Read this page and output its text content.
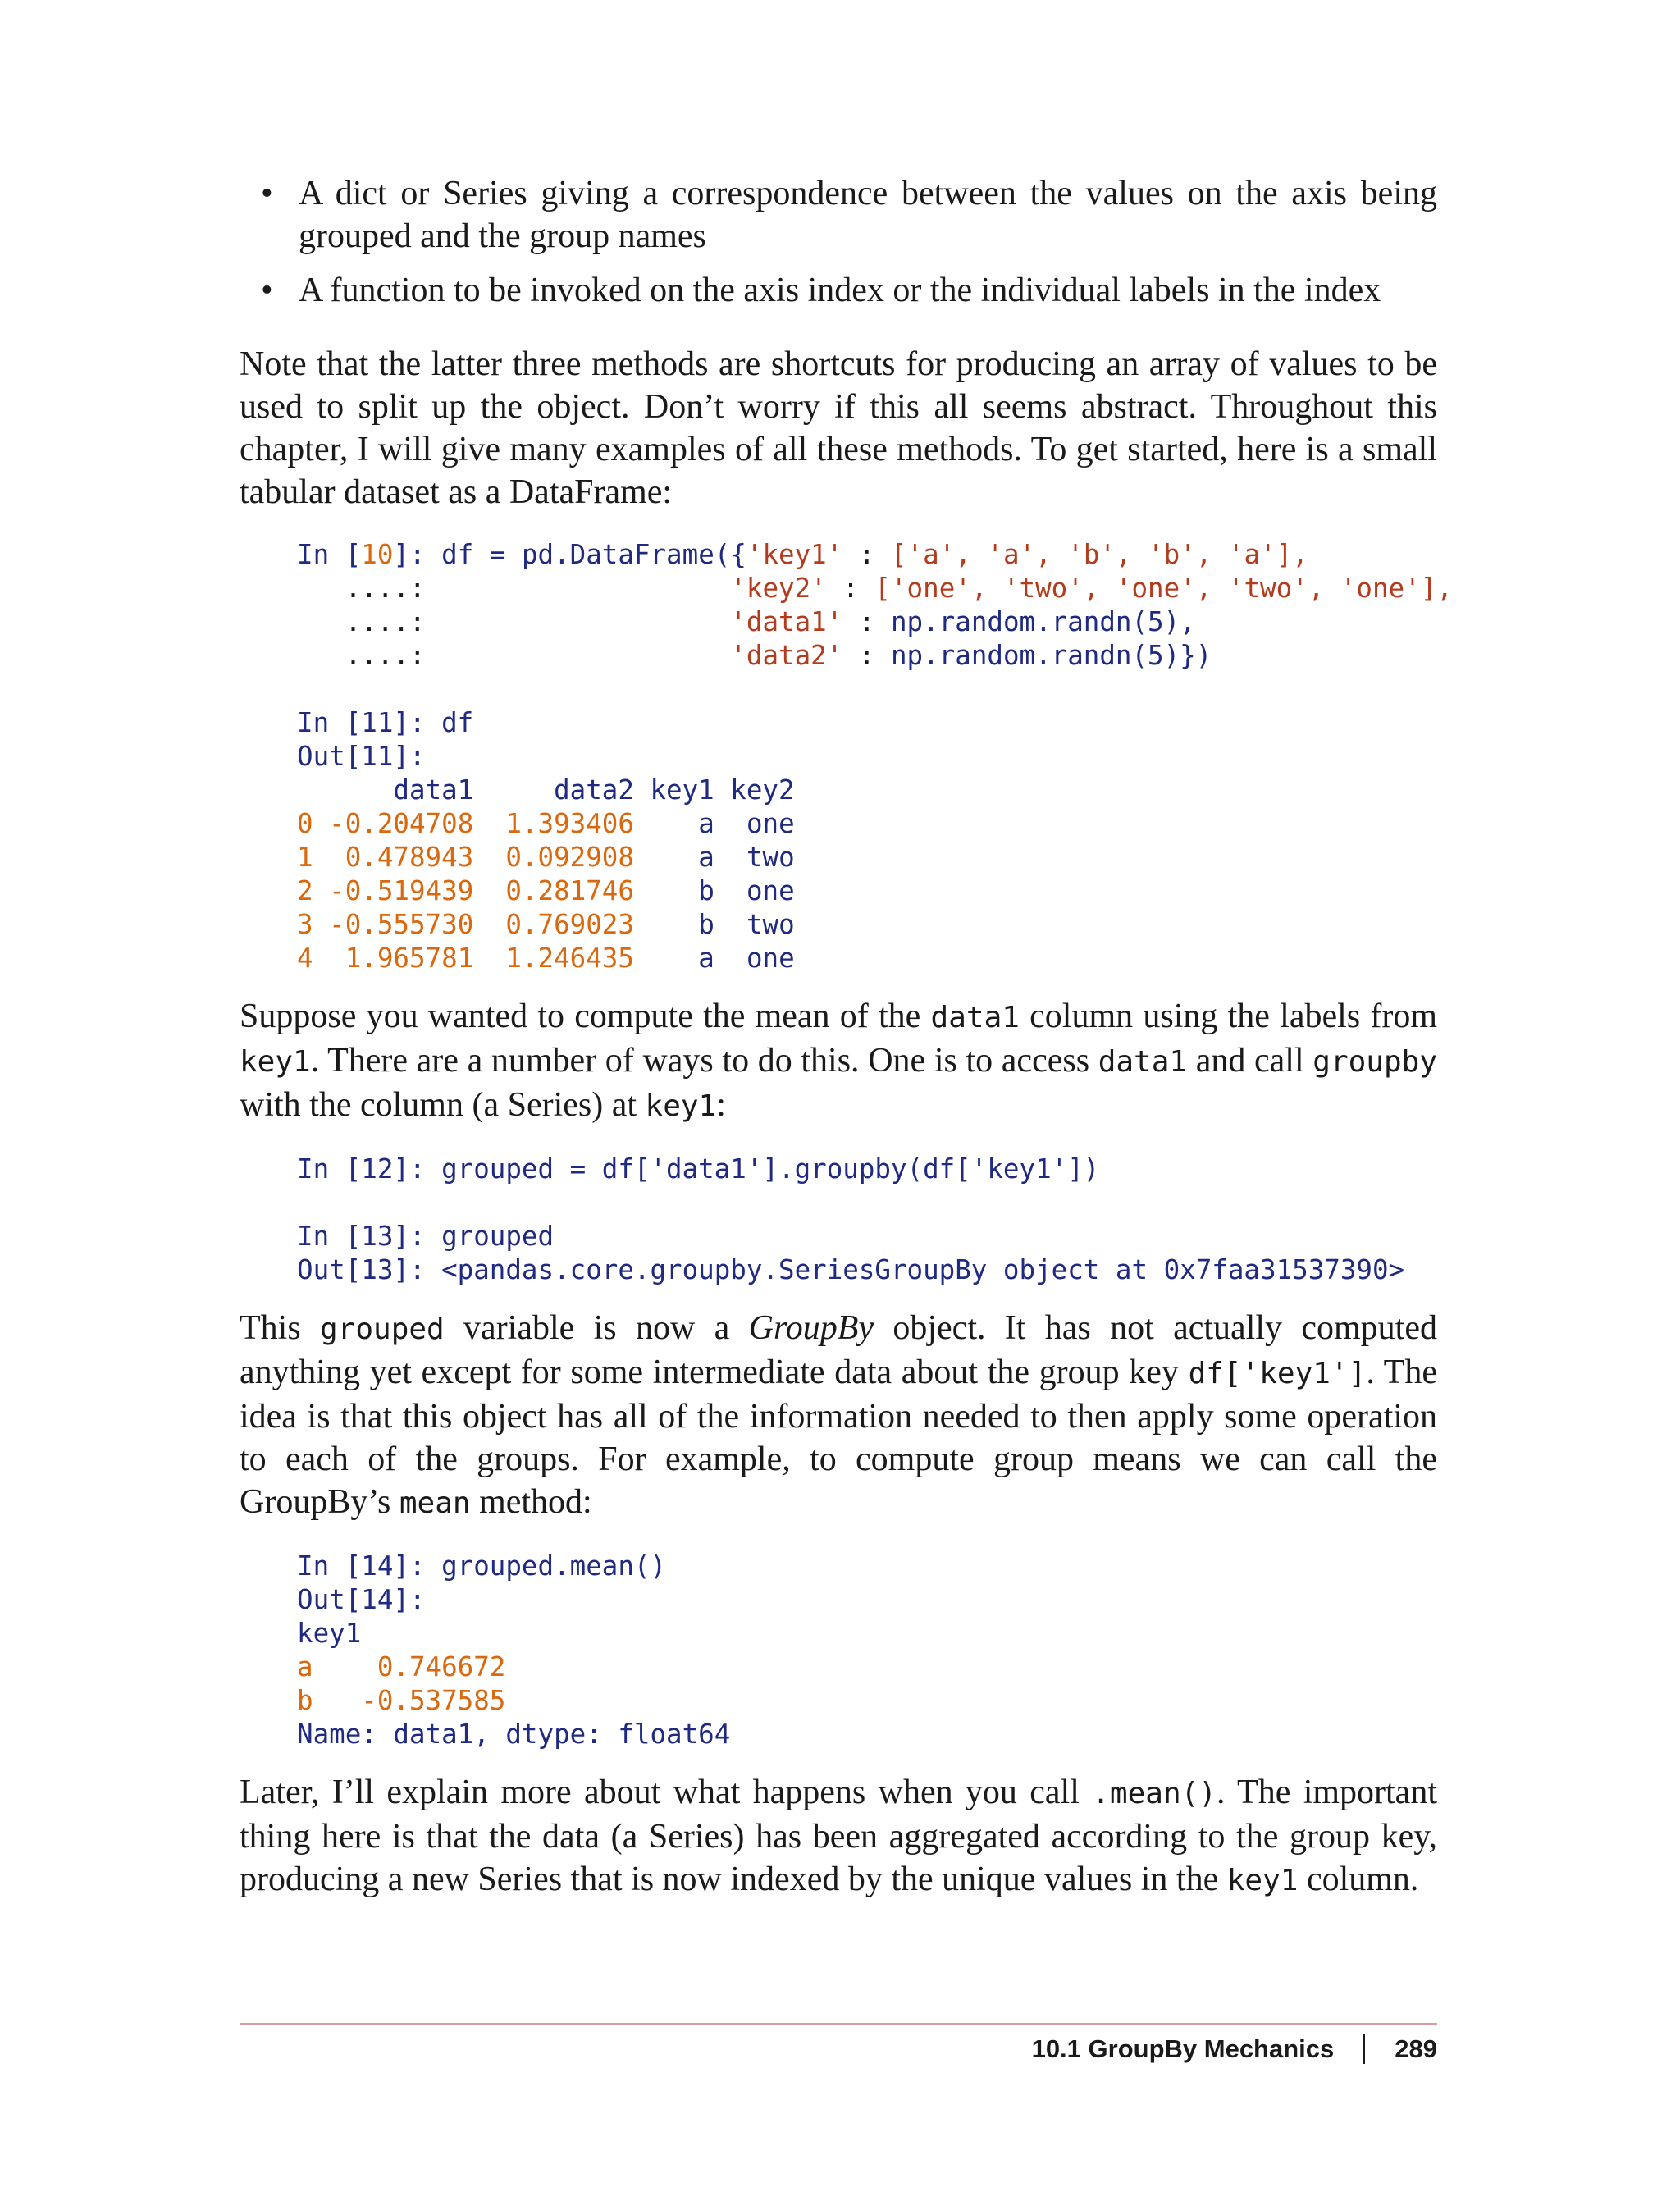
• A dict or Series giving a correspondence between the values on the axis being grouped and the group names
• A function to be invoked on the axis index or the individual labels in the index

Note that the latter three methods are shortcuts for producing an array of values to be used to split up the object. Don’t worry if this all seems abstract. Throughout this chapter, I will give many examples of all these methods. To get started, here is a small tabular dataset as a DataFrame:

In [10]: df = pd.DataFrame({'key1' : ['a', 'a', 'b', 'b', 'a'],
....:	'key2' : ['one', 'two', 'one', 'two', 'one'],
....:	'data1' : np.random.randn(5),
....:	'data2' : np.random.randn(5)})
In [11]: df
Out[11]:
data1     data2 key1 key2
0 -0.204708 1.393406 a one
1  0.478943 0.092908 a two
2 -0.519439 0.281746 b one
3 -0.555730 0.769023 b two
4  1.965781 1.246435 a one

Suppose you wanted to compute the mean of the data1 column using the labels from key1. There are a number of ways to do this. One is to access data1 and call groupby with the column (a Series) at key1:

In [12]: grouped = df['data1'].groupby(df['key1'])

In [13]: grouped
Out[13]: <pandas.core.groupby.SeriesGroupBy object at 0x7faa31537390>

This grouped variable is now a GroupBy object. It has not actually computed anything yet except for some intermediate data about the group key df['key1']. The idea is that this object has all of the information needed to then apply some operation to each of the groups. For example, to compute group means we can call the GroupBy’s mean method:

In [14]: grouped.mean()
Out[14]:
key1
a    0.746672
b   -0.537585
Name: data1, dtype: float64

Later, I’ll explain more about what happens when you call .mean(). The important thing here is that the data (a Series) has been aggregated according to the group key, producing a new Series that is now indexed by the unique values in the key1 column.

10.1 GroupBy Mechanics 289
